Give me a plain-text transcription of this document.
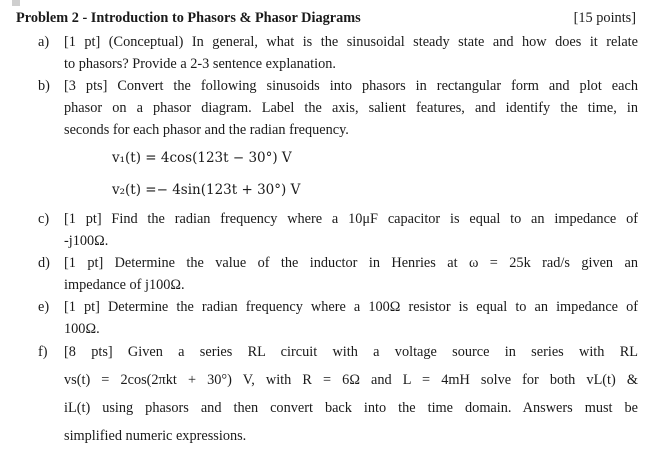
Problem 2 - Introduction to Phasors & Phasor Diagrams	[15 points]
a) [1 pt] (Conceptual) In general, what is the sinusoidal steady state and how does it relate
to phasors? Provide a 2-3 sentence explanation.
b) [3 pts] Convert the following sinusoids into phasors in rectangular form and plot each
phasor on a phasor diagram. Label the axis, salient features, and identify the time, in
seconds for each phasor and the radian frequency.
v₁(t) = 4cos(123t − 30°) V
v₂(t) =− 4sin(123t + 30°) V
c) [1 pt] Find the radian frequency where a 10μF capacitor is equal to an impedance of
-j100Ω.
d) [1 pt] Determine the value of the inductor in Henries at ω = 25k rad/s given an
impedance of j100Ω.
e) [1 pt] Determine the radian frequency where a 100Ω resistor is equal to an impedance of
100Ω.
f) [8 pts] Given a series RL circuit with a voltage source in series with RL
vs(t) = 2cos(2πkt + 30°) V, with R = 6Ω and L = 4mH solve for both vL(t) &
iL(t) using phasors and then convert back into the time domain. Answers must be
simplified numeric expressions.
